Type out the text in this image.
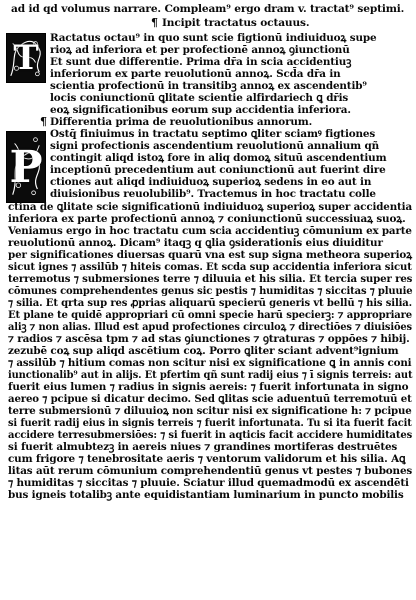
ad id qd volumus narrare. Compleam⁹ ergo dram v. tractat⁹ septimi.
¶ Incipit tractatus octauus.
T Ractatus octau⁹ in quo sunt scie figtionū indiuiduoꝝ supe
rioꝝ ad inferiora et per profectionē annoꝝ ꝯiunctionū
Et sunt due differentie. Prima dr̄a in scia accidentiuꝫ
inferiorum ex parte reuolutionū annoꝝ. Scd̄a dr̄a in
scientia profectionū in transitibꝫ annoꝝ ex ascendentib⁹
locis coniunctionū ꝗlitate scientie alfirdariech ꝗ dr̄is
eoꝝ significationibus eorum sup accidentia inferiora.
¶ Differentia prima de reuolutionibus annorum.
P
Ostq̄ finiuimus in tractatu septimo ꝗliter sciamꝰ figtiones
signi profectionis ascendentium reuolutionū annalium qñ
contingit aliqd istoꝝ fore in aliq domoꝝ situū ascendentium
inceptionū precedentium aut coniunctionū aut fuerint dire
ctiones aut aliqd indiuiduoꝝ superioꝝ sedens in eo aut in
diuisionibus reuolubilib⁹. Tractemus in hoc tractatu colle
ctina de ꝗlitate scie significationū indiuiduoꝝ superioꝝ super accidentia
inferiora ex parte profectionū annoꝝ ⁊ coniunctionū successiuaꝝ suoꝝ.
Veniamus ergo in hoc tractatu cum scia accidentiuꝫ cōmunium ex parte
reuolutionū annoꝝ. Dicam⁹ itaqꝫ q ꝗlia ꝯsiderationis eius diuiditur
per significationes diuersas quarū vna est sup signa metheora superioꝝ
sicut ignes ⁊ assilūb ⁊ hiteis comas. Et scda sup accidentia inferiora sicut
terremotus ⁊ submersiones terre ⁊ diluuia et his silia. Et tercia super res
cōmunes comprehendentes genus sic pestis ⁊ humiditas ⁊ siccitas ⁊ pluuie
⁊ silia. Et qrta sup res ꝓprias aliquarū specierū generis vt bellū ⁊ his silia.
Et plane te quidē appropriari cū omni specie harū specierꝫ: ⁊ appropriare
aliꝫ ⁊ non alias. Illud est apud profectiones circuloꝝ ⁊ directiōes ⁊ diuisiōes
⁊ radios ⁊ ascēsa tpm ⁊ ad stas ꝯiunctiones ⁊ ꝯtraturas ⁊ oppōes ⁊ hibij.
zezubē coꝝ sup aliqd ascētium coꝝ. Porro ꝗliter sciant advent⁹ignium
⁊ assilūb ⁊ hitium comas non scitur nisi ex significatione ꝗ in annis coni
iunctionalib⁹ aut in alijs. Et pfertim qñ sunt radij eius ⁊ ī signis terreis: aut
fuerit eius lumen ⁊ radius in signis aereis: ⁊ fuerit infortunata in signo
aereo ⁊ pcipue si dicatur decimo. Sed ꝗlitas scie aduentuū terremotuū et
terre submersionū ⁊ diluuioꝝ non scitur nisi ex significatione h: ⁊ pcipue
si fuerit radij eius in signis terreis ⁊ fuerit infortunata. Tu si ita fuerit facit
accidere terresubmersiōes: ⁊ si fuerit in aqticis facit accidere humiditates
si fuerit almubtezꝫ in aereis niues ⁊ grandines mortiferas destruētes
cum frigore ⁊ tenebrositate aeris ⁊ ventorum validorum et his silia. Aꝗ
litas aūt rerum cōmunium comprehendentiū genus vt pestes ⁊ bubones
⁊ humiditas ⁊ siccitas ⁊ pluuie. Sciatur illud quemadmodū ex ascendēti
bus igneis totalibꝫ ante equidistantiam luminarium in puncto mobilis
